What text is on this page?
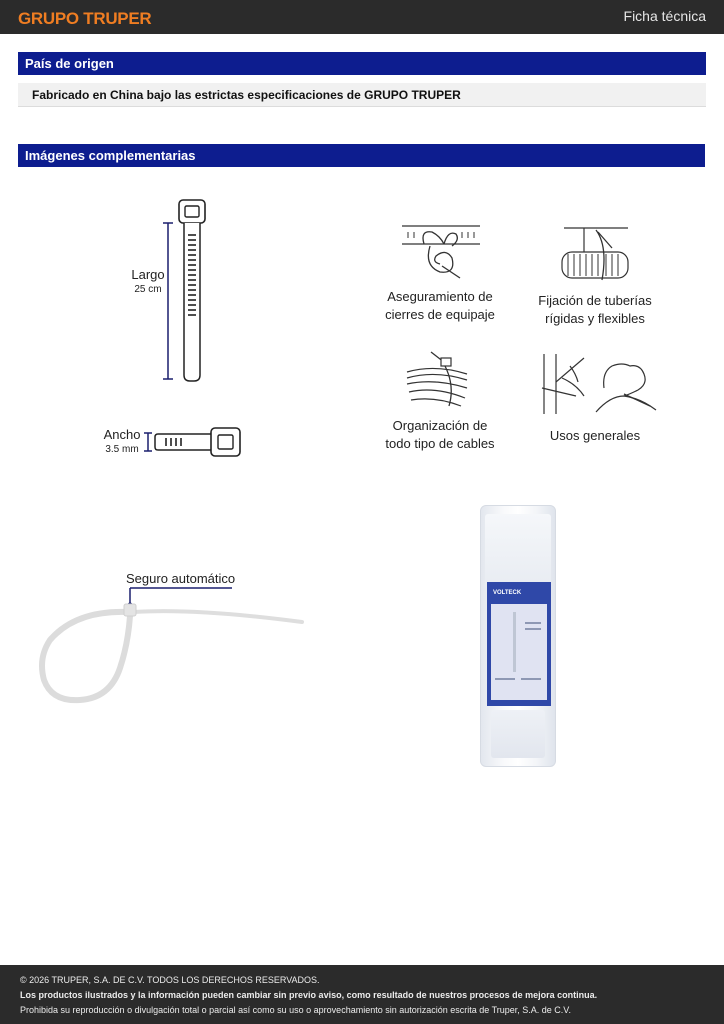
GRUPO TRUPER	Ficha técnica
País de origen
Fabricado en China bajo las estrictas especificaciones de GRUPO TRUPER
Imágenes complementarias
Largo
25 cm
Ancho
3.5 mm
Aseguramiento de
cierres de equipaje
Fijación de tuberías
rígidas y flexibles
Organización de
todo tipo de cables
Usos generales
Seguro automático
VOLTECK
© 2026 TRUPER, S.A. DE C.V. TODOS LOS DERECHOS RESERVADOS.
Los productos ilustrados y la información pueden cambiar sin previo aviso, como resultado de nuestros procesos de mejora continua.
Prohibida su reproducción o divulgación total o parcial así como su uso o aprovechamiento sin autorización escrita de Truper, S.A. de C.V.
